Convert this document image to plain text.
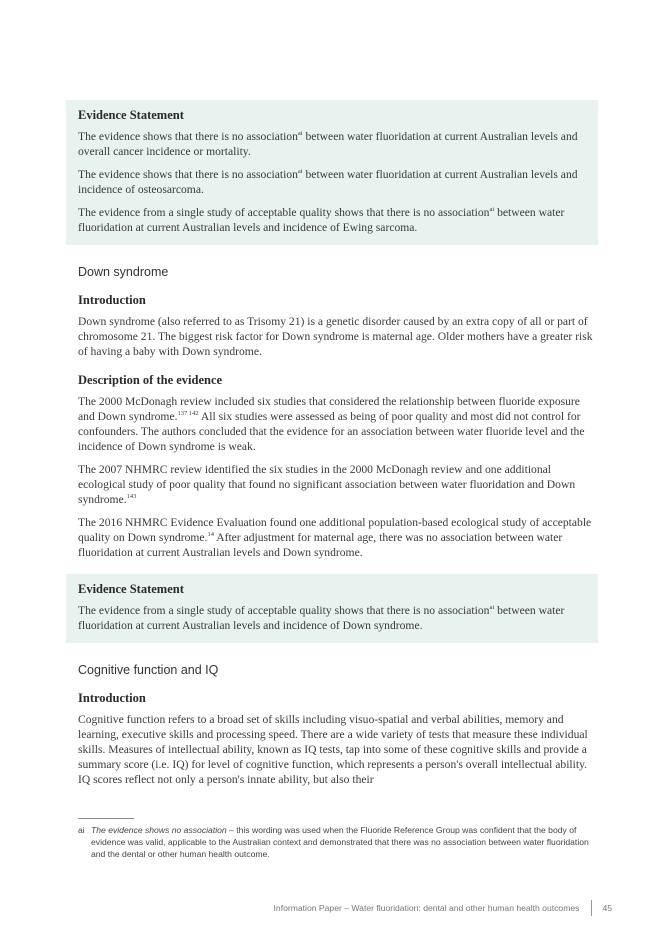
Evidence Statement

The evidence shows that there is no association$^{ai}$ between water fluoridation at current Australian levels and overall cancer incidence or mortality.

The evidence shows that there is no association$^{ai}$ between water fluoridation at current Australian levels and incidence of osteosarcoma.

The evidence from a single study of acceptable quality shows that there is no association$^{ai}$ between water fluoridation at current Australian levels and incidence of Ewing sarcoma.

Down syndrome
Introduction

Down syndrome (also referred to as Trisomy 21) is a genetic disorder caused by an extra copy of all or part of chromosome 21. The biggest risk factor for Down syndrome is maternal age. Older mothers have a greater risk of having a baby with Down syndrome.

Description of the evidence

The 2000 McDonagh review included six studies that considered the relationship between fluoride exposure and Down syndrome.$^{137 142}$ All six studies were assessed as being of poor quality and most did not control for confounders. The authors concluded that the evidence for an association between water fluoride level and the incidence of Down syndrome is weak.

The 2007 NHMRC review identified the six studies in the 2000 McDonagh review and one additional ecological study of poor quality that found no significant association between water fluoridation and Down syndrome.$^{143}$

The 2016 NHMRC Evidence Evaluation found one additional population-based ecological study of acceptable quality on Down syndrome.$^{14}$ After adjustment for maternal age, there was no association between water fluoridation at current Australian levels and Down syndrome.

Evidence Statement

The evidence from a single study of acceptable quality shows that there is no association$^{ai}$ between water fluoridation at current Australian levels and incidence of Down syndrome.

Cognitive function and IQ
Introduction

Cognitive function refers to a broad set of skills including visuo-spatial and verbal abilities, memory and learning, executive skills and processing speed. There are a wide variety of tests that measure these individual skills. Measures of intellectual ability, known as IQ tests, tap into some of these cognitive skills and provide a summary score (i.e. IQ) for level of cognitive function, which represents a person's overall intellectual ability. IQ scores reflect not only a person's innate ability, but also their

ai The evidence shows no association – this wording was used when the Fluoride Reference Group was confident that the body of evidence was valid, applicable to the Australian context and demonstrated that there was no association between water fluoridation and the dental or other human health outcome.
Information Paper – Water fluoridation: dental and other human health outcomes	45
